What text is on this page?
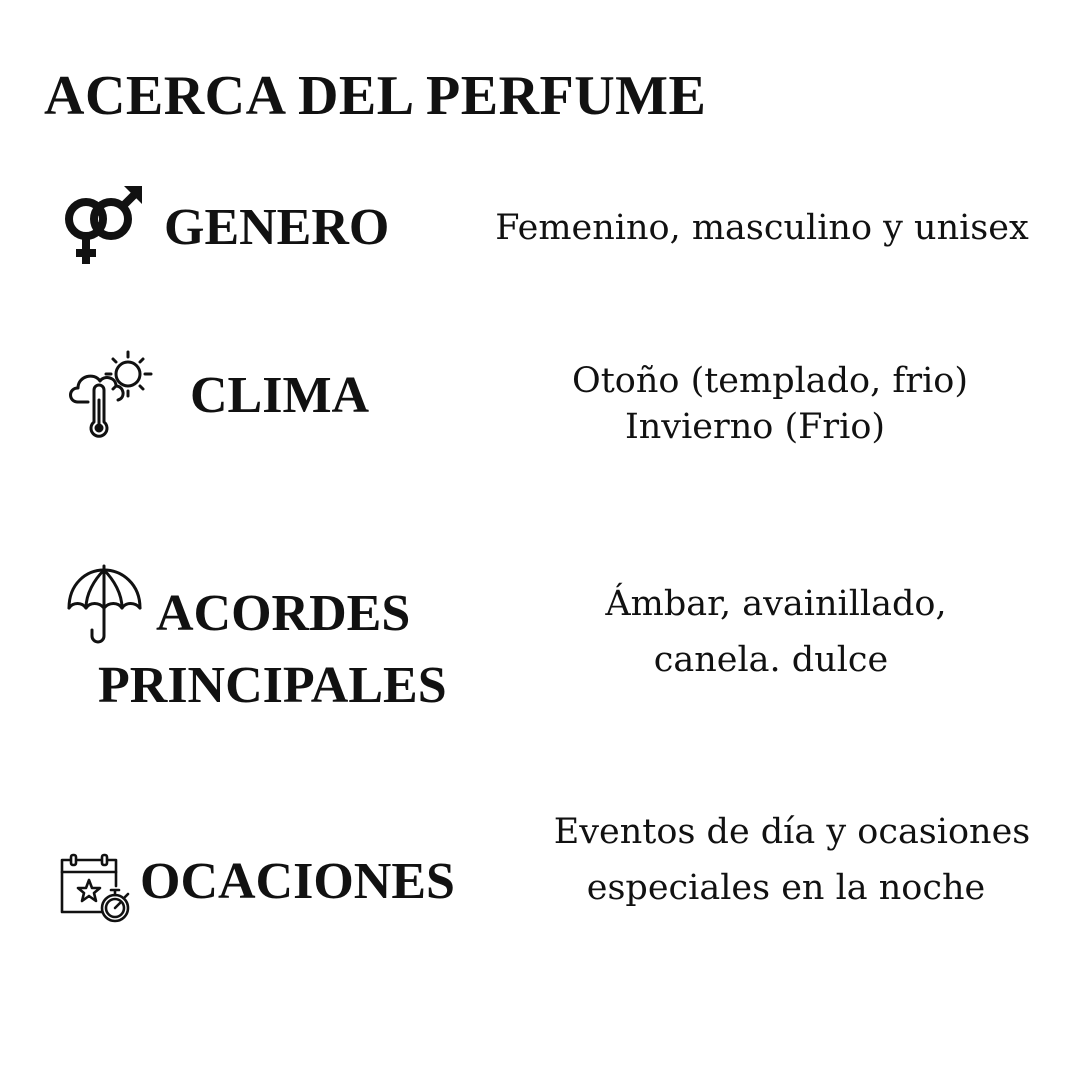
ACERCA DEL PERFUME
GENERO	Femenino, masculino y unisex
CLIMA	Otoño (templado, frio)
Invierno (Frio)
ACORDES
PRINCIPALES
Ámbar, avainillado,
canela. dulce
OCACIONES
Eventos de día y ocasiones
especiales en la noche
